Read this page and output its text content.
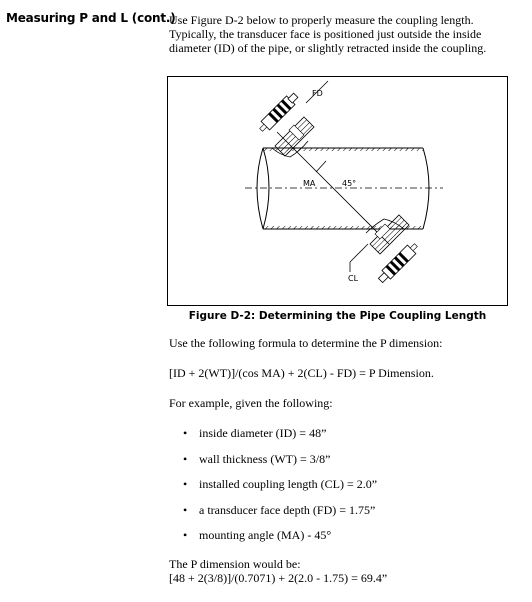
Measuring P and L (cont.)
Use Figure D-2 below to properly measure the coupling length. Typically, the transducer face is positioned just outside the inside diameter (ID) of the pipe, or slightly retracted inside the coupling.
FD
MA	45°
CL
Figure D-2: Determining the Pipe Coupling Length
Use the following formula to determine the P dimension:
[ID + 2(WT)]/(cos MA) + 2(CL) - FD) = P Dimension.
For example, given the following:
• inside diameter (ID) = 48”
• wall thickness (WT) = 3/8”
• installed coupling length (CL) = 2.0”
• a transducer face depth (FD) = 1.75”
• mounting angle (MA) - 45°
The P dimension would be:
[48 + 2(3/8)]/(0.7071) + 2(2.0 - 1.75) = 69.4”
